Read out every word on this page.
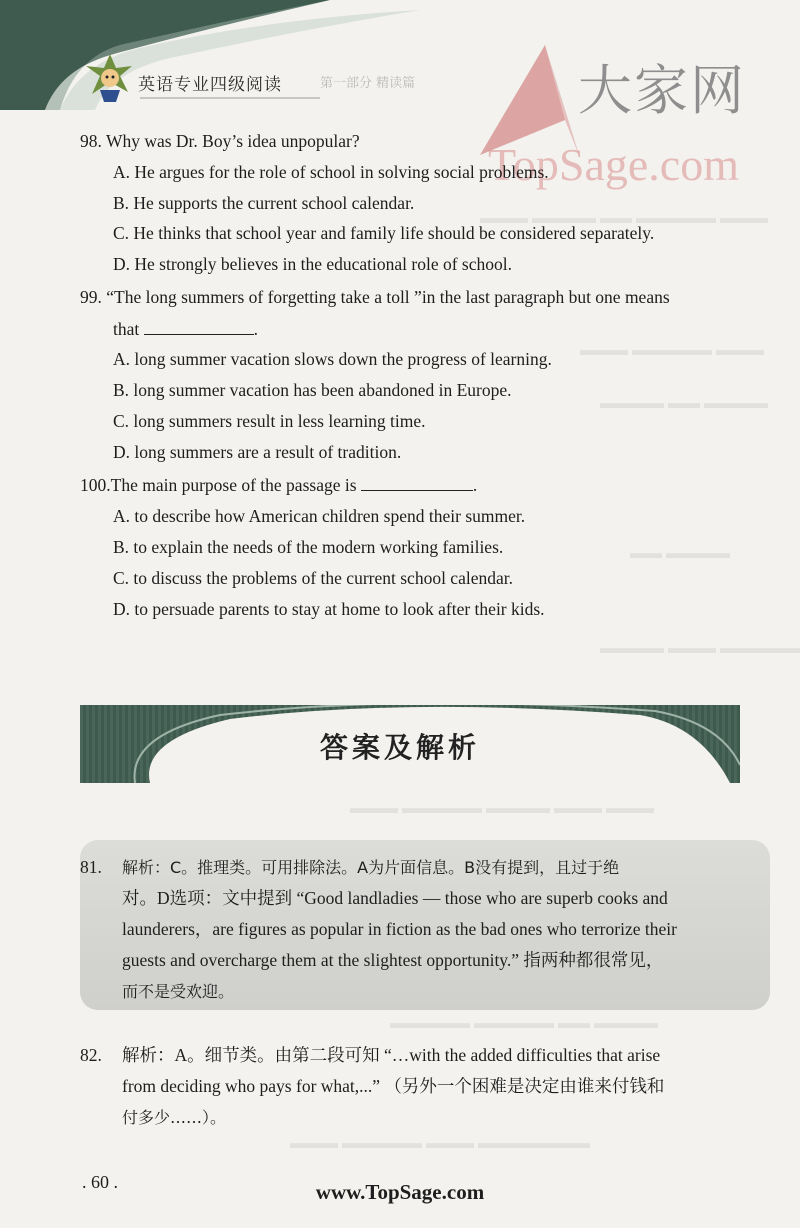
英语专业四级阅读	第一部分 精读篇	大家网
TopSage.com
▬▬▬ ▬▬▬▬ ▬▬ ▬▬▬▬▬ ▬▬▬
▬▬▬ ▬▬▬▬▬ ▬▬▬
▬▬▬▬ ▬▬ ▬▬▬▬
▬▬ ▬▬▬▬
▬▬▬▬ ▬▬▬ ▬▬▬▬▬
▬▬▬ ▬▬▬▬▬ ▬▬▬▬ ▬▬▬ ▬▬▬
▬▬▬▬▬ ▬▬▬▬▬ ▬▬ ▬▬▬▬
▬▬▬ ▬▬▬▬▬ ▬▬▬ ▬▬▬▬▬▬▬
98. Why was Dr. Boy’s idea unpopular?
A. He argues for the role of school in solving social problems.
B. He supports the current school calendar.
C. He thinks that school year and family life should be considered separately.
D. He strongly believes in the educational role of school.
99. “The long summers of forgetting take a toll ”in the last paragraph but one means
that	.
A. long summer vacation slows down the progress of learning.
B. long summer vacation has been abandoned in Europe.
C. long summers result in less learning time.
D. long summers are a result of tradition.
100.The main purpose of the passage is	.
A. to describe how American children spend their summer.
B. to explain the needs of the modern working families.
C. to discuss the problems of the current school calendar.
D. to persuade parents to stay at home to look after their kids.
答案及解析
81. 解析：C。推理类。可用排除法。A为片面信息。B没有提到，且过于绝
对。D选项：文中提到 “Good landladies — those who are superb cooks and
launderers，are figures as popular in fiction as the bad ones who terrorize their
guests and overcharge them at the slightest opportunity.” 指两种都很常见，
而不是受欢迎。
82. 解析：A。细节类。由第二段可知 “…with the added difficulties that arise
from deciding who pays for what,...” （另外一个困难是决定由谁来付钱和
付多少……）。
. 60 .	www.TopSage.com
